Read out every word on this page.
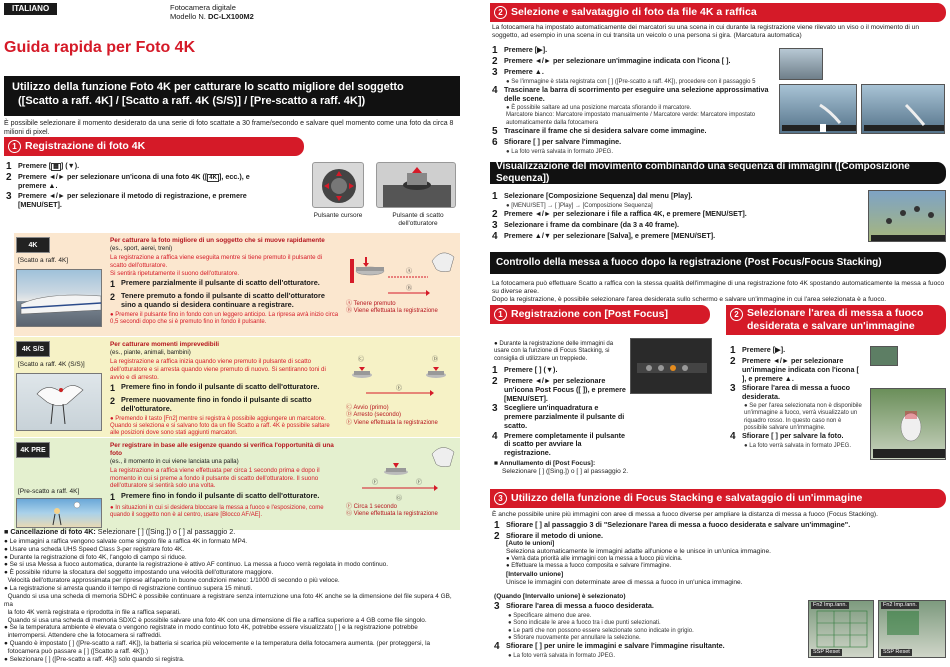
ITALIANO	Fotocamera digitale
Modello N. DC-LX100M2
Guida rapida per Foto 4K
Utilizzo della funzione Foto 4K per catturare lo scatto migliore del soggetto
([Scatto a raff. 4K] / [Scatto a raff. 4K (S/S)] / [Pre-scatto a raff. 4K])
È possibile selezionare il momento desiderato da una serie di foto scattate a 30 frame/secondo e salvare quel momento come una foto da circa 8 milioni di pixel.
1 Registrazione di foto 4K
1 Premere [ ▦ ] (▼).
2 Premere ◄/► per selezionare un'icona di una foto 4K ([ 4K ], ecc.), e premere ▲.
3 Premere ◄/► per selezionare il metodo di registrazione, e premere [MENU/SET].
Pulsante cursore	Pulsante di scatto dell'otturatore
4K
[Scatto a raff. 4K]
Per catturare la foto migliore di un soggetto che si muove rapidamente
(es., sport, aerei, treni)
La registrazione a raffica viene eseguita mentre si tiene premuto il pulsante di scatto dell'otturatore.
Si sentirà ripetutamente il suono dell'otturatore.
1 Premere parzialmente il pulsante di scatto dell'otturatore.
2 Tenere premuto a fondo il pulsante di scatto dell'otturatore sino a quando si desidera continuare a registrare.
● Premere il pulsante fino in fondo con un leggero anticipo. La ripresa avrà inizio circa 0,5 secondi dopo che si è premuto fino in fondo il pulsante.
Ⓐ
Ⓑ
Ⓐ Tenere premuto
Ⓑ Viene effettuata la registrazione
4K S/S
[Scatto a raff. 4K (S/S)]
Per catturare momenti imprevedibili
(es., piante, animali, bambini)
La registrazione a raffica inizia quando viene premuto il pulsante di scatto dell'otturatore e si arresta quando viene premuto di nuovo. Si sentiranno toni di avvio e di arresto.
1 Premere fino in fondo il pulsante di scatto dell'otturatore.
2 Premere nuovamente fino in fondo il pulsante di scatto dell'otturatore.
● Premendo il tasto [Fn2] mentre si registra è possibile aggiungere un marcatore. Quando si seleziona e si salvano foto da un file Scatto a raff. 4K è possibile saltare alle posizioni dove sono stati aggiunti marcatori.
Ⓒ	Ⓓ
Ⓔ
Ⓒ Avvio (primo)
Ⓓ Arresto (secondo)
Ⓔ Viene effettuata la registrazione
4K PRE
[Pre-scatto a raff. 4K]
Per registrare in base alle esigenze quando si verifica l'opportunità di una foto
(es., il momento in cui viene lanciata una palla)
La registrazione a raffica viene effettuata per circa 1 secondo prima e dopo il momento in cui si preme a fondo il pulsante di scatto dell'otturatore. Il suono dell'otturatore si sentirà solo una volta.
1 Premere fino in fondo il pulsante di scatto dell'otturatore.
● In situazioni in cui si desidera bloccare la messa a fuoco e l'esposizione, come quando il soggetto non è al centro, usare [Blocco AF/AE].
Ⓕ	Ⓕ
Ⓖ
Ⓕ Circa 1 secondo
Ⓖ Viene effettuata la registrazione
■ Cancellazione di foto 4K: Selezionare [ ] ([Sing.]) o [ ] al passaggio 2.
● Le immagini a raffica vengono salvate come singolo file a raffica 4K in formato MP4.
● Usare una scheda UHS Speed Class 3-per registrare foto 4K.
● Durante la registrazione di foto 4K, l'angolo di campo si riduce.
● Se si usa Messa a fuoco automatica, durante la registrazione è attivo AF continuo. La messa a fuoco verrà regolata in modo continuo.
● È possibile ridurre la sfocatura del soggetto impostando una velocità dell'otturatore maggiore.
Velocità dell'otturatore approssimata per riprese all'aperto in buone condizioni meteo: 1/1000 di secondo o più veloce.
● La registrazione si arresta quando il tempo di registrazione continuo supera 15 minuti.
Quando si usa una scheda di memoria SDHC è possibile continuare a registrare senza interruzione una foto 4K anche se la dimensione del file supera 4 GB, ma
la foto 4K verrà registrata e riprodotta in file a raffica separati.
Quando si usa una scheda di memoria SDXC è possibile salvare una foto 4K con una dimensione di file a raffica superiore a 4 GB come file singolo.
● Se la temperatura ambiente è elevata o vengono registrate in modo continuo foto 4K, potrebbe essere visualizzato [ ] e la registrazione potrebbe
interrompersi. Attendere che la fotocamera si raffreddi.
● Quando è impostato [ ] ([Pre-scatto a raff. 4K]), la batteria si scarica più velocemente e la temperatura della fotocamera aumenta. (per proteggersi, la
fotocamera può passare a [ ] ([Scatto a raff. 4K]).)
● Selezionare [ ] ([Pre-scatto a raff. 4K]) solo quando si registra.
2 Selezione e salvataggio di foto da file 4K a raffica
La fotocamera ha impostato automaticamente dei marcatori su una scena in cui durante la registrazione viene rilevato un viso o il movimento di un soggetto, ad esempio in una scena in cui transita un veicolo o una persona si gira. (Marcatura automatica)
1 Premere [▶].
2 Premere ◄/► per selezionare un'immagine indicata con l'icona [ ].
3 Premere ▲.
● Se l'immagine è stata registrata con [ ] ([Pre-scatto a raff. 4K]), procedere con il passaggio 5
4 Trascinare la barra di scorrimento per eseguire una selezione approssimativa delle scene.
● È possibile saltare ad una posizione marcata sfiorando il marcatore.
Marcatore bianco: Marcatore impostato manualmente / Marcatore verde: Marcatore impostato automaticamente dalla fotocamera
5 Trascinare il frame che si desidera salvare come immagine.
6 Sfiorare [ ] per salvare l'immagine.
● La foto verrà salvata in formato JPEG.
Visualizzazione del movimento combinando una sequenza di immagini ([Composizione Sequenza])
1 Selezionare [Composizione Sequenza] dal menu [Play].
● [MENU/SET] → [ ]Play] → [Composizione Sequenza]
2 Premere ◄/► per selezionare i file a raffica 4K, e premere [MENU/SET].
3 Selezionare i frame da combinare (da 3 a 40 frame).
4 Premere ▲/▼ per selezionare [Salva], e premere [MENU/SET].
Controllo della messa a fuoco dopo la registrazione (Post Focus/Focus Stacking)
La fotocamera può effettuare Scatto a raffica con la stessa qualità dell'immagine di una registrazione foto 4K spostando automaticamente la messa a fuoco su diverse aree.
Dopo la registrazione, è possibile selezionare l'area desiderata sullo schermo e salvare un'immagine in cui l'area selezionata è a fuoco.
1 Registrazione con [Post Focus]
● Durante la registrazione delle immagini da usare con la funzione di Focus Stacking, si consiglia di utilizzare un treppiede.
1 Premere [ ] (▼).
2 Premere ◄/► per selezionare un'icona Post Focus ([ ]), e premere [MENU/SET].
3 Scegliere un'inquadratura e premere parzialmente il pulsante di scatto.
4 Premere completamente il pulsante di scatto per avviare la registrazione.
■ Annullamento di [Post Focus]:
Selezionare [ ] ([Sing.]) o [ ] al passaggio 2.
2 Selezionare l'area di messa a fuoco
desiderata e salvare un'immagine
1 Premere [▶].
2 Premere ◄/► per selezionare un'immagine indicata con l'icona [ ], e premere ▲.
3 Sfiorare l'area di messa a fuoco desiderata.
● Se per l'area selezionata non è disponibile un'immagine a fuoco, verrà visualizzato un riquadro rosso. In questo caso non è possibile salvare un'immagine.
4 Sfiorare [ ] per salvare la foto.
● La foto verrà salvata in formato JPEG.
3 Utilizzo della funzione di Focus Stacking e salvataggio di un'immagine
È anche possibile unire più immagini con aree di messa a fuoco diverse per ampliare la distanza di messa a fuoco (Focus Stacking).
1 Sfiorare [ ] al passaggio 3 di "Selezionare l'area di messa a fuoco desiderata e salvare un'immagine".
2 Sfiorare il metodo di unione.
[Auto le unioni]
Seleziona automaticamente le immagini adatte all'unione e le unisce in un'unica immagine.
● Verrà data priorità alle immagini con la messa a fuoco più vicina.
● Effettuare la messa a fuoco composita e salvare l'immagine.
[Intervallo unione]
Unisce le immagini con determinate aree di messa a fuoco in un'unica immagine.
(Quando [Intervallo unione] è selezionato)
3 Sfiorare l'area di messa a fuoco desiderata.
● Specificare almeno due aree.
● Sono indicate le aree a fuoco tra i due punti selezionati.
● Le parti che non possono essere selezionate sono indicate in grigio.
● Sfiorare nuovamente per annullare la selezione.
4 Sfiorare [ ] per unire le immagini e salvare l'immagine risultante.
● La foto verrà salvata in formato JPEG.
Fn2 Imp./ann.
SSP Reset
Fn2 Imp./ann.
SSP Reset
